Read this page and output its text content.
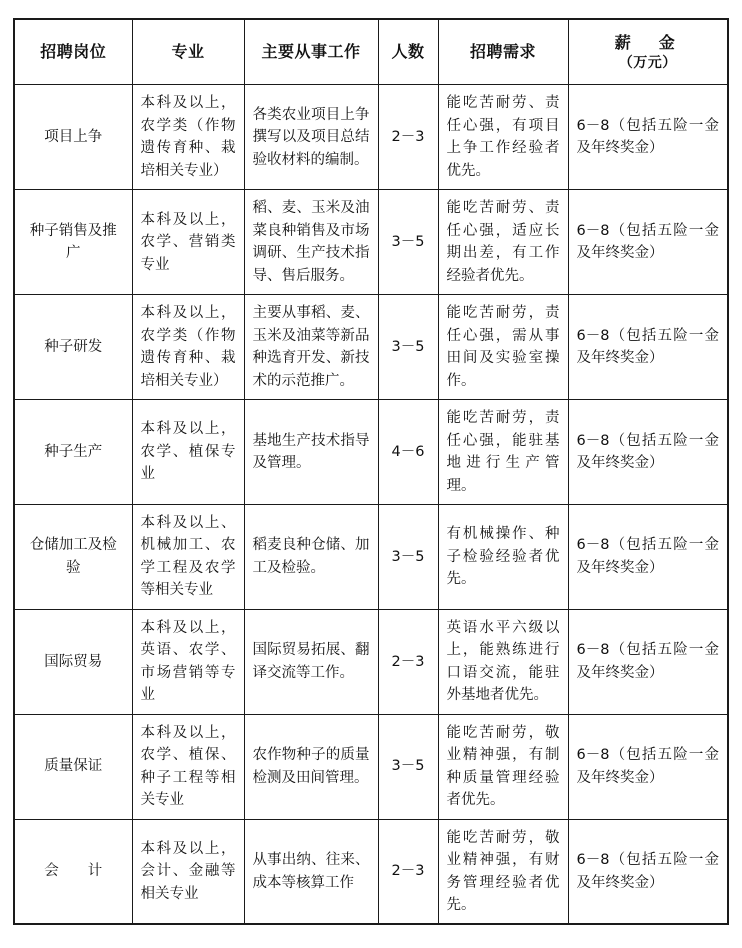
招聘岗位	专业	主要从事工作	人数	招聘需求	薪　金
（万元）

项目上争	本科及以上，农学类（作物遗传育种、栽培相关专业）	各类农业项目上争撰写以及项目总结验收材料的编制。	2－3	能吃苦耐劳、责任心强，有项目上争工作经验者优先。	6－8（包括五险一金及年终奖金）
种子销售及推广	本科及以上，农学、营销类专业	稻、麦、玉米及油菜良种销售及市场调研、生产技术指导、售后服务。	3－5	能吃苦耐劳、责任心强，适应长期出差，有工作经验者优先。	6－8（包括五险一金及年终奖金）
种子研发	本科及以上，农学类（作物遗传育种、栽培相关专业）	主要从事稻、麦、玉米及油菜等新品种选育开发、新技术的示范推广。	3－5	能吃苦耐劳，责任心强，需从事田间及实验室操作。	6－8（包括五险一金及年终奖金）
种子生产	本科及以上，农学、植保专业	基地生产技术指导及管理。	4－6	能吃苦耐劳，责任心强，能驻基地进行生产管理。	6－8（包括五险一金及年终奖金）
仓储加工及检验	本科及以上、机械加工、农学工程及农学等相关专业	稻麦良种仓储、加工及检验。	3－5	有机械操作、种子检验经验者优先。	6－8（包括五险一金及年终奖金）
国际贸易	本科及以上，英语、农学、市场营销等专业	国际贸易拓展、翻译交流等工作。	2－3	英语水平六级以上，能熟练进行口语交流，能驻外基地者优先。	6－8（包括五险一金及年终奖金）
质量保证	本科及以上，农学、植保、种子工程等相关专业	农作物种子的质量检测及田间管理。	3－5	能吃苦耐劳，敬业精神强，有制种质量管理经验者优先。	6－8（包括五险一金及年终奖金）
会　　计	本科及以上，会计、金融等相关专业	从事出纳、往来、成本等核算工作	2－3	能吃苦耐劳，敬业精神强，有财务管理经验者优先。	6－8（包括五险一金及年终奖金）
